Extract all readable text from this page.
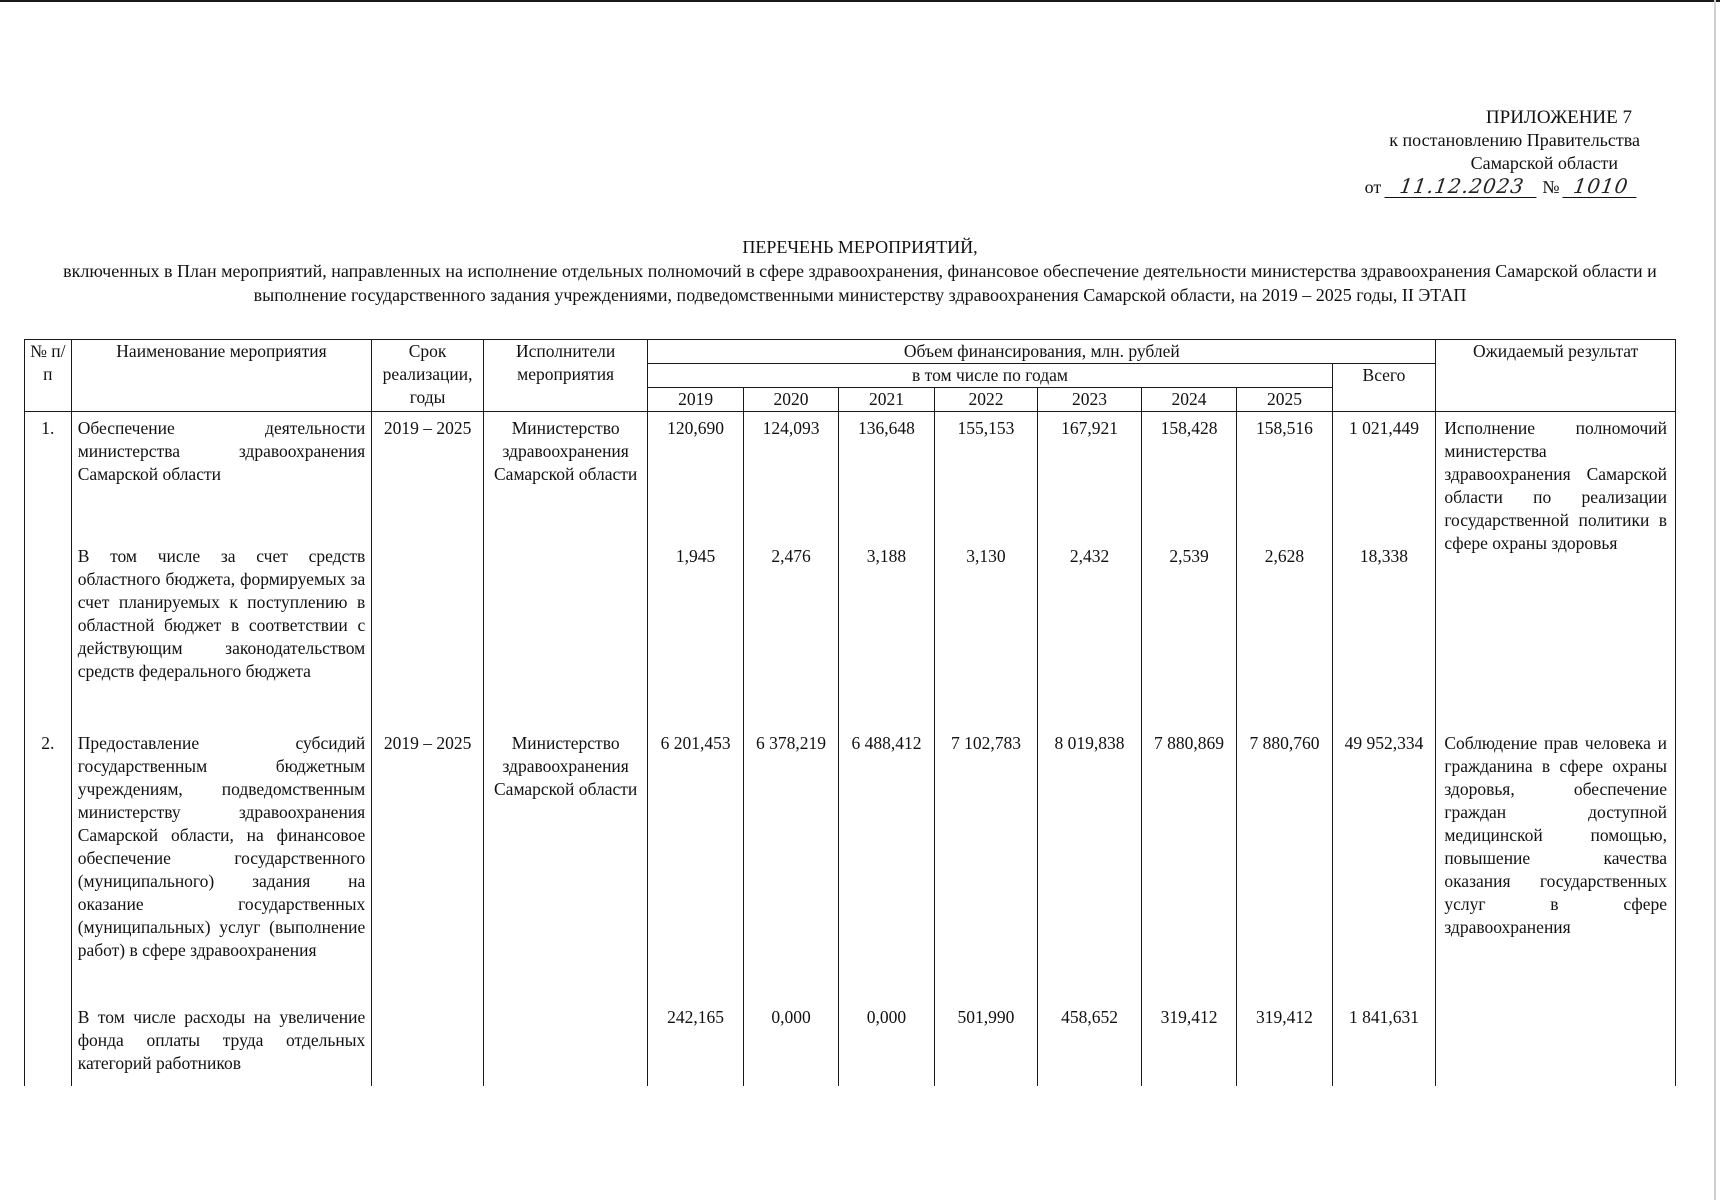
ПРИЛОЖЕНИЕ 7
к постановлению Правительства
Самарской области
от 11.12.2023 № 1010
ПЕРЕЧЕНЬ МЕРОПРИЯТИЙ,
включенных в План мероприятий, направленных на исполнение отдельных полномочий в сфере здравоохранения, финансовое обеспечение деятельности министерства здравоохранения Самарской области и выполнение государственного задания учреждениями, подведомственными министерству здравоохранения Самарской области, на 2019 – 2025 годы, II ЭТАП
№ п/п	Наименование мероприятия	Срок реализации, годы	Исполнители мероприятия	Объем финансирования, млн. рублей								Ожидаемый результат
				в том числе по годам							Всего	
				2019	2020	2021	2022	2023	2024	2025		
1.	Обеспечение деятельности министерства здравоохранения Самарской области	2019 – 2025	Министерство здравоохранения Самарской области	120,690	124,093	136,648	155,153	167,921	158,428	158,516	1 021,449	Исполнение полномочий министерства здравоохранения Самарской области по реализации государственной политики в сфере охраны здоровья
	В том числе за счет средств областного бюджета, формируемых за счет планируемых к поступлению в областной бюджет в соответствии с действующим законодательством средств федерального бюджета			1,945	2,476	3,188	3,130	2,432	2,539	2,628	18,338	
2.	Предоставление субсидий государственным бюджетным учреждениям, подведомственным министерству здравоохранения Самарской области, на финансовое обеспечение государственного (муниципального) задания на оказание государственных (муниципальных) услуг (выполнение работ) в сфере здравоохранения	2019 – 2025	Министерство здравоохранения Самарской области	6 201,453	6 378,219	6 488,412	7 102,783	8 019,838	7 880,869	7 880,760	49 952,334	Соблюдение прав человека и гражданина в сфере охраны здоровья, обеспечение граждан доступной медицинской помощью, повышение качества оказания государственных услуг в сфере здравоохранения
	В том числе расходы на увеличение фонда оплаты труда отдельных категорий работников			242,165	0,000	0,000	501,990	458,652	319,412	319,412	1 841,631	
